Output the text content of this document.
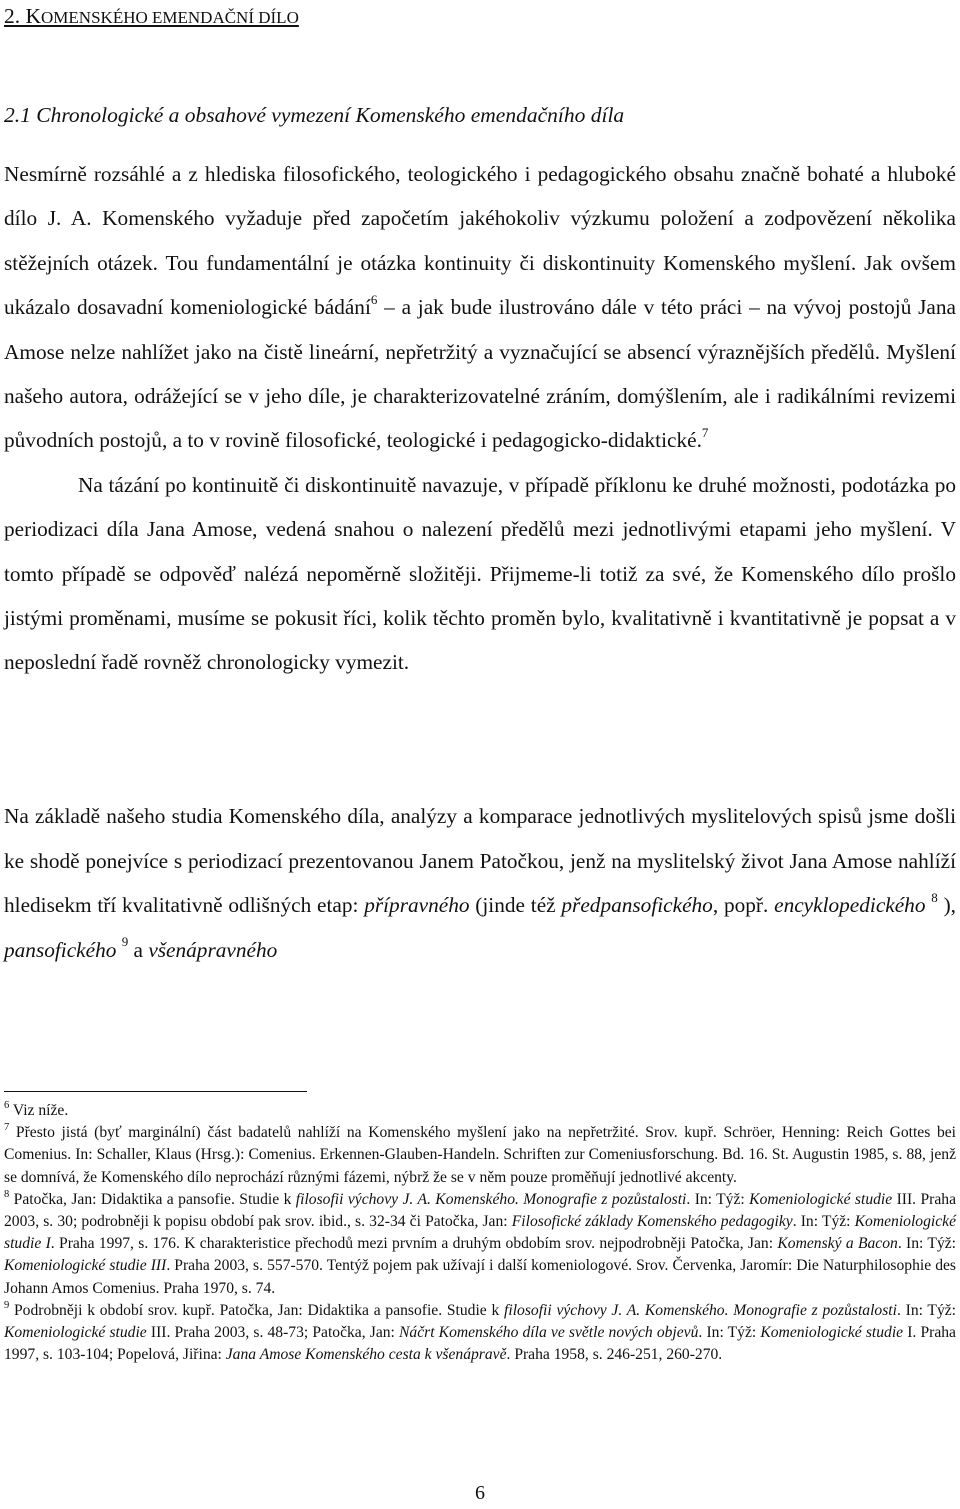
2. KOMENSKÉHO EMENDAČNÍ DÍLO
2.1 Chronologické a obsahové vymezení Komenského emendačního díla
Nesmírně rozsáhlé a z hlediska filosofického, teologického i pedagogického obsahu značně bohaté a hluboké dílo J. A. Komenského vyžaduje před započetím jakéhokoliv výzkumu položení a zodpovězení několika stěžejních otázek. Tou fundamentální je otázka kontinuity či diskontinuity Komenského myšlení. Jak ovšem ukázalo dosavadní komeniologické bádání$^6$ – a jak bude ilustrováno dále v této práci – na vývoj postojů Jana Amose nelze nahlížet jako na čistě lineární, nepřetržitý a vyznačující se absencí výraznějších předělů. Myšlení našeho autora, odrážející se v jeho díle, je charakterizovatelné zráním, domýšlením, ale i radikálními revizemi původních postojů, a to v rovině filosofické, teologické i pedagogicko-didaktické.$^7$
Na tázání po kontinuitě či diskontinuitě navazuje, v případě příklonu ke druhé možnosti, podotázka po periodizaci díla Jana Amose, vedená snahou o nalezení předělů mezi jednotlivými etapami jeho myšlení. V tomto případě se odpověď nalézá nepoměrně složitěji. Přijmeme-li totiž za své, že Komenského dílo prošlo jistými proměnami, musíme se pokusit říci, kolik těchto proměn bylo, kvalitativně i kvantitativně je popsat a v neposlední řadě rovněž chronologicky vymezit.
Na základě našeho studia Komenského díla, analýzy a komparace jednotlivých myslitelových spisů jsme došli ke shodě ponejvíce s periodizací prezentovanou Janem Patočkou, jenž na myslitelský život Jana Amose nahlíží hledisekm tří kvalitativně odlišných etap: přípravného (jinde též předpansofického, popř. encyklopedického $^8$ ), pansofického $^9$ a všenápravného

$^6$ Viz níže.

$^7$ Přesto jistá (byť marginální) část badatelů nahlíží na Komenského myšlení jako na nepřetržité. Srov. kupř. Schröer, Henning: Reich Gottes bei Comenius. In: Schaller, Klaus (Hrsg.): Comenius. Erkennen-Glauben-Handeln. Schriften zur Comeniusforschung. Bd. 16. St. Augustin 1985, s. 88, jenž se domnívá, že Komenského dílo neprochází různými fázemi, nýbrž že se v něm pouze proměňují jednotlivé akcenty.

$^8$ Patočka, Jan: Didaktika a pansofie. Studie k filosofii výchovy J. A. Komenského. Monografie z pozůstalosti. In: Týž: Komeniologické studie III. Praha 2003, s. 30; podrobněji k popisu období pak srov. ibid., s. 32-34 či Patočka, Jan: Filosofické základy Komenského pedagogiky. In: Týž: Komeniologické studie I. Praha 1997, s. 176. K charakteristice přechodů mezi prvním a druhým obdobím srov. nejpodrobněji Patočka, Jan: Komenský a Bacon. In: Týž: Komeniologické studie III. Praha 2003, s. 557-570. Tentýž pojem pak užívají i další komeniologové. Srov. Červenka, Jaromír: Die Naturphilosophie des Johann Amos Comenius. Praha 1970, s. 74.

$^9$ Podrobněji k období srov. kupř. Patočka, Jan: Didaktika a pansofie. Studie k filosofii výchovy J. A. Komenského. Monografie z pozůstalosti. In: Týž: Komeniologické studie III. Praha 2003, s. 48-73; Patočka, Jan: Náčrt Komenského díla ve světle nových objevů. In: Týž: Komeniologické studie I. Praha 1997, s. 103-104; Popelová, Jiřina: Jana Amose Komenského cesta k všenápravě. Praha 1958, s. 246-251, 260-270.

6
